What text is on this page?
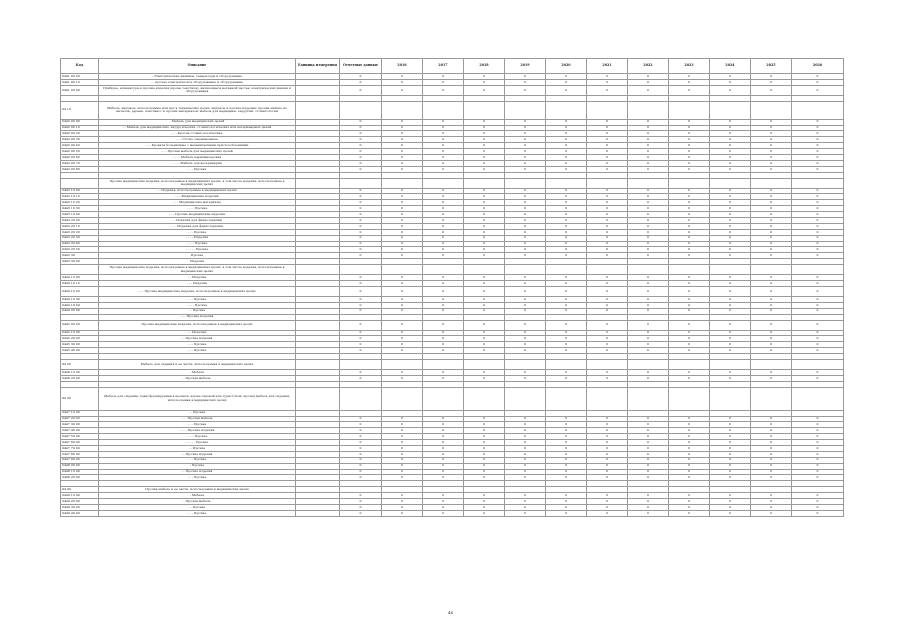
Код	Описание	Единица измерения	Отчетные данные	2016	2017	2018	2019	2020	2021	2022	2023	2024	2025	2026
0441 00 00	- Электрические машины, генераторы и оборудование		0	0	0	0	0	0	0	0	0	0	0	0
0441 00 10	- - прочее электрическое оборудование и оборудование		0	0	0	0	0	0	0	0	0	0	0	0
0441 20 00	Приборы, аппаратура и прочие изделия (кроме текстиля), являющиеся нетканой частью электрических машин и оборудования		0	0	0	0	0	0	0	0	0	0	0	0

94 10	Мебель, матрасы, используемые или нет в технических целях, матрасы и прочие изделия; прочая мебель из металла, дерева, пластмасс и прочих материалов; мебель для медицины, хирургии, стоматологии													
0442 00 00	- Мебель для медицинских целей		0	0	0	0	0	0	0	0	0	0	0	0
0442 00 10	- - Мебель для медицинских, хирургических, стоматологических или ветеринарных целей		0	0	0	0	0	0	0	0	0	0	0	0
0442 00 20	- - - Кресла стоматологические		0	0	0	0	0	0	0	0	0	0	0	0
0442 00 30	- - - Столы операционные		0	0	0	0	0	0	0	0	0	0	0	0
0442 00 40	- - - Кровати больничные с механическими приспособлениями		0	0	0	0	0	0	0	0	0	0	0	0
0442 00 50	- - - Прочая мебель для медицинских целей		0	0	0	0	0	0	0	0	0	0	0	0
0442 00 60	- - - - Мебель парикмахерская		0	0	0	0	0	0	0	0	0	0	0	0
0442 00 70	- - - - Мебель для ветеринарии		0	0	0	0	0	0	0	0	0	0	0	0
0442 00 80	- - - Прочая		0	0	0	0	0	0	0	0	0	0	0	0

	Прочие медицинские изделия, используемые в медицинских целях, в том числе изделия, используемые в медицинских целях													
0443 10 00	- - Изделия, используемые в медицинских целях		0	0	0	0	0	0	0	0	0	0	0	0
0443 10 10	- - - Медицинские изделия		0	0	0	0	0	0	0	0	0	0	0	0
0443 10 20	- - - Медицинские материалы		0	0	0	0	0	0	0	0	0	0	0	0
0443 10 30	- - - - Прочие		0	0	0	0	0	0	0	0	0	0	0	0
0443 10 40	- - - Прочие медицинские изделия		0	0	0	0	0	0	0	0	0	0	0	0
0443 20 00	- - Изделия для физиотерапии		0	0	0	0	0	0	0	0	0	0	0	0
0443 20 10	- - - Изделия для физиотерапии		0	0	0	0	0	0	0	0	0	0	0	0
0443 20 20	- - - Прочие		0	0	0	0	0	0	0	0	0	0	0	0
0443 20 30	- - - - Изделия		0	0	0	0	0	0	0	0	0	0	0	0
0443 20 40	- - - - Прочие		0	0	0	0	0	0	0	0	0	0	0	0
0443 20 50	- - - - - Прочие		0	0	0	0	0	0	0	0	0	0	0	0
0443 30	Прочие		0	0	0	0	0	0	0	0	0	0	0	0
0443 30 00	Изделия													
	Прочие медицинские изделия, используемые в медицинских целях, в том числе изделия, используемые в медицинских целях													
0444 10 00	- - Изделия		0	0	0	0	0	0	0	0	0	0	0	0
0444 10 10	- - - Изделия		0	0	0	0	0	0	0	0	0	0	0	0
0444 10 20	- - - Прочие медицинские изделия, используемые в медицинских целях		0	0	0	0	0	0	0	0	0	0	0	0
0444 10 30	- - - Прочие		0	0	0	0	0	0	0	0	0	0	0	0
0444 10 40	- - - - Прочие		0	0	0	0	0	0	0	0	0	0	0	0
0444 20 00	- - Прочие		0	0	0	0	0	0	0	0	0	0	0	0
	- - - Прочие изделия													
0445 00 00	Прочие медицинские изделия, используемые в медицинских целях		0	0	0	0	0	0	0	0	0	0	0	0
0445 10 00	- - Изделия		0	0	0	0	0	0	0	0	0	0	0	0
0445 20 00	- - Прочие изделия		0	0	0	0	0	0	0	0	0	0	0	0
0445 30 00	- - - Прочие		0	0	0	0	0	0	0	0	0	0	0	0
0445 40 00	- - - Прочие		0	0	0	0	0	0	0	0	0	0	0	0

94 20	Мебель для сидения и ее части, используемая в медицинских целях													
0446 10 00	- Мебель		0	0	0	0	0	0	0	0	0	0	0	0
0446 20 00	- Прочая мебель		0	0	0	0	0	0	0	0	0	0	0	0

94 30	Мебель для сидения, трансформируемая в кровати, кроме садовой или туристской; прочая мебель для сидения, используемая в медицинских целях													
0447 10 00	- - Прочая													
0447 20 00	- - - Прочая мебель		0	0	0	0	0	0	0	0	0	0	0	0
0447 30 00	- - - Прочая		0	0	0	0	0	0	0	0	0	0	0	0
0447 40 00	- - - - Прочие изделия		0	0	0	0	0	0	0	0	0	0	0	0
0447 50 00	- - - - Прочие		0	0	0	0	0	0	0	0	0	0	0	0
0447 60 00	- - - - - Прочие		0	0	0	0	0	0	0	0	0	0	0	0
0447 70 00	- - Прочие		0	0	0	0	0	0	0	0	0	0	0	0
0447 80 00	- - Прочие изделия		0	0	0	0	0	0	0	0	0	0	0	0
0447 90 00	- - - Прочие		0	0	0	0	0	0	0	0	0	0	0	0
0448 00 00	- Прочие		0	0	0	0	0	0	0	0	0	0	0	0
0448 10 00	- - Прочие изделия		0	0	0	0	0	0	0	0	0	0	0	0
0448 20 00	- - - Прочие		0	0	0	0	0	0	0	0	0	0	0	0

94 40	Прочая мебель и ее части, используемая в медицинских целях													
0449 10 00	- Мебель		0	0	0	0	0	0	0	0	0	0	0	0
0449 20 00	- Прочая мебель		0	0	0	0	0	0	0	0	0	0	0	0
0449 30 00	- - Прочие		0	0	0	0	0	0	0	0	0	0	0	0
0449 40 00	- - - Прочие		0	0	0	0	0	0	0	0	0	0	0	0
48
